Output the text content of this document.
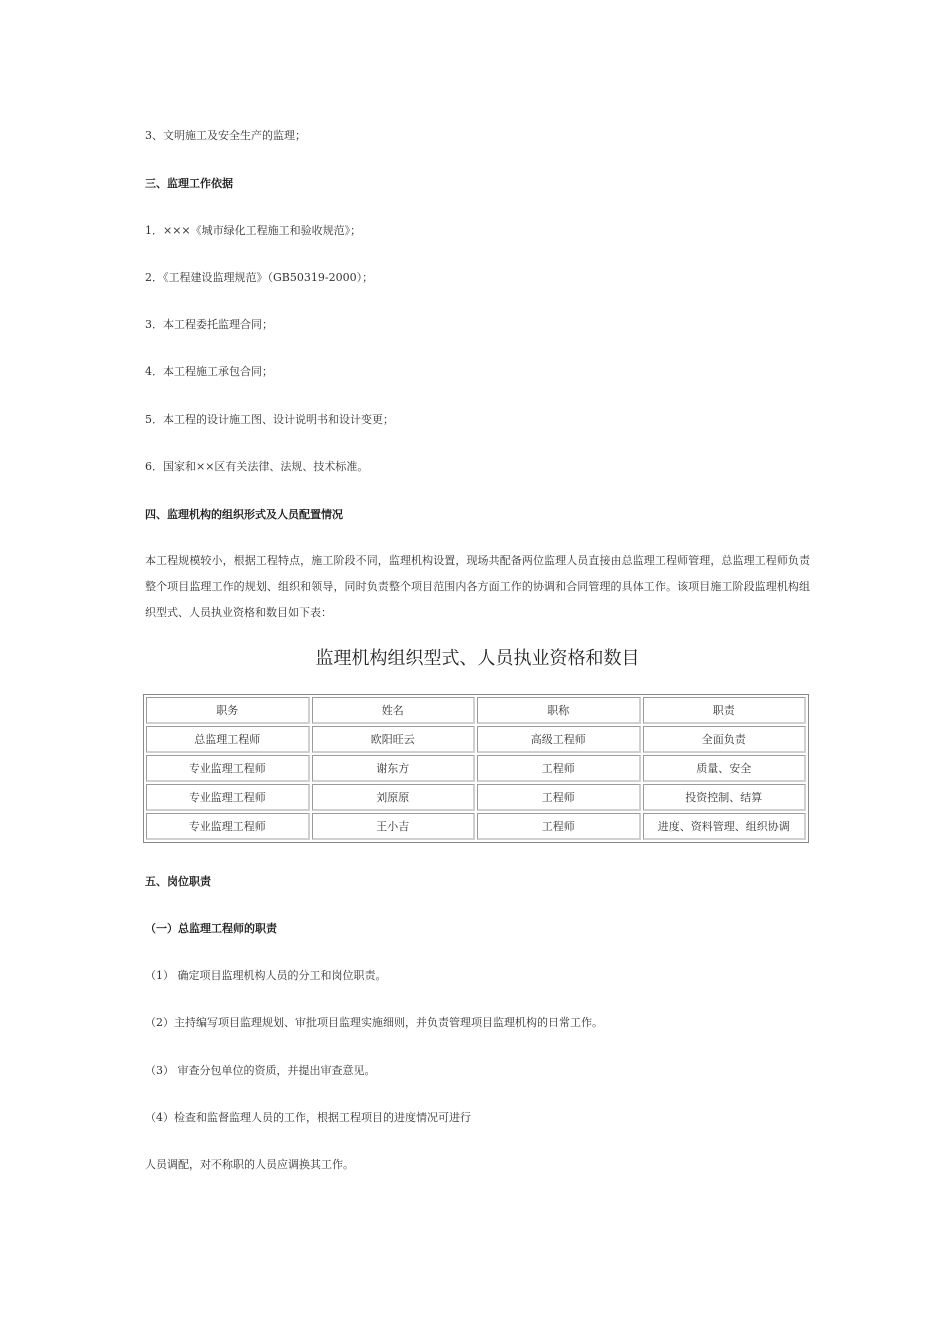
3、文明施工及安全生产的监理；
三、监理工作依据
1．×××《城市绿化工程施工和验收规范》；
2．《工程建设监理规范》（GB50319-2000）；
3．本工程委托监理合同；
4．本工程施工承包合同；
5．本工程的设计施工图、设计说明书和设计变更；
6．国家和××区有关法律、法规、技术标准。
四、监理机构的组织形式及人员配置情况
本工程规模较小，根据工程特点，施工阶段不同，监理机构设置，现场共配备两位监理人员直接由总监理工程师管理，总监理工程师负责整个项目监理工作的规划、组织和领导，同时负责整个项目范围内各方面工作的协调和合同管理的具体工作。该项目施工阶段监理机构组织型式、人员执业资格和数目如下表：
监理机构组织型式、人员执业资格和数目
职务	姓名	职称	职责
总监理工程师	欧阳旺云	高级工程师	全面负责
专业监理工程师	谢东方	工程师	质量、安全
专业监理工程师	刘原原	工程师	投资控制、结算
专业监理工程师	王小吉	工程师	进度、资料管理、组织协调
五、岗位职责
（一）总监理工程师的职责
（1） 确定项目监理机构人员的分工和岗位职责。
（2）主持编写项目监理规划、审批项目监理实施细则，并负责管理项目监理机构的日常工作。
（3） 审查分包单位的资质，并提出审查意见。
（4）检查和监督监理人员的工作，根据工程项目的进度情况可进行
人员调配，对不称职的人员应调换其工作。
